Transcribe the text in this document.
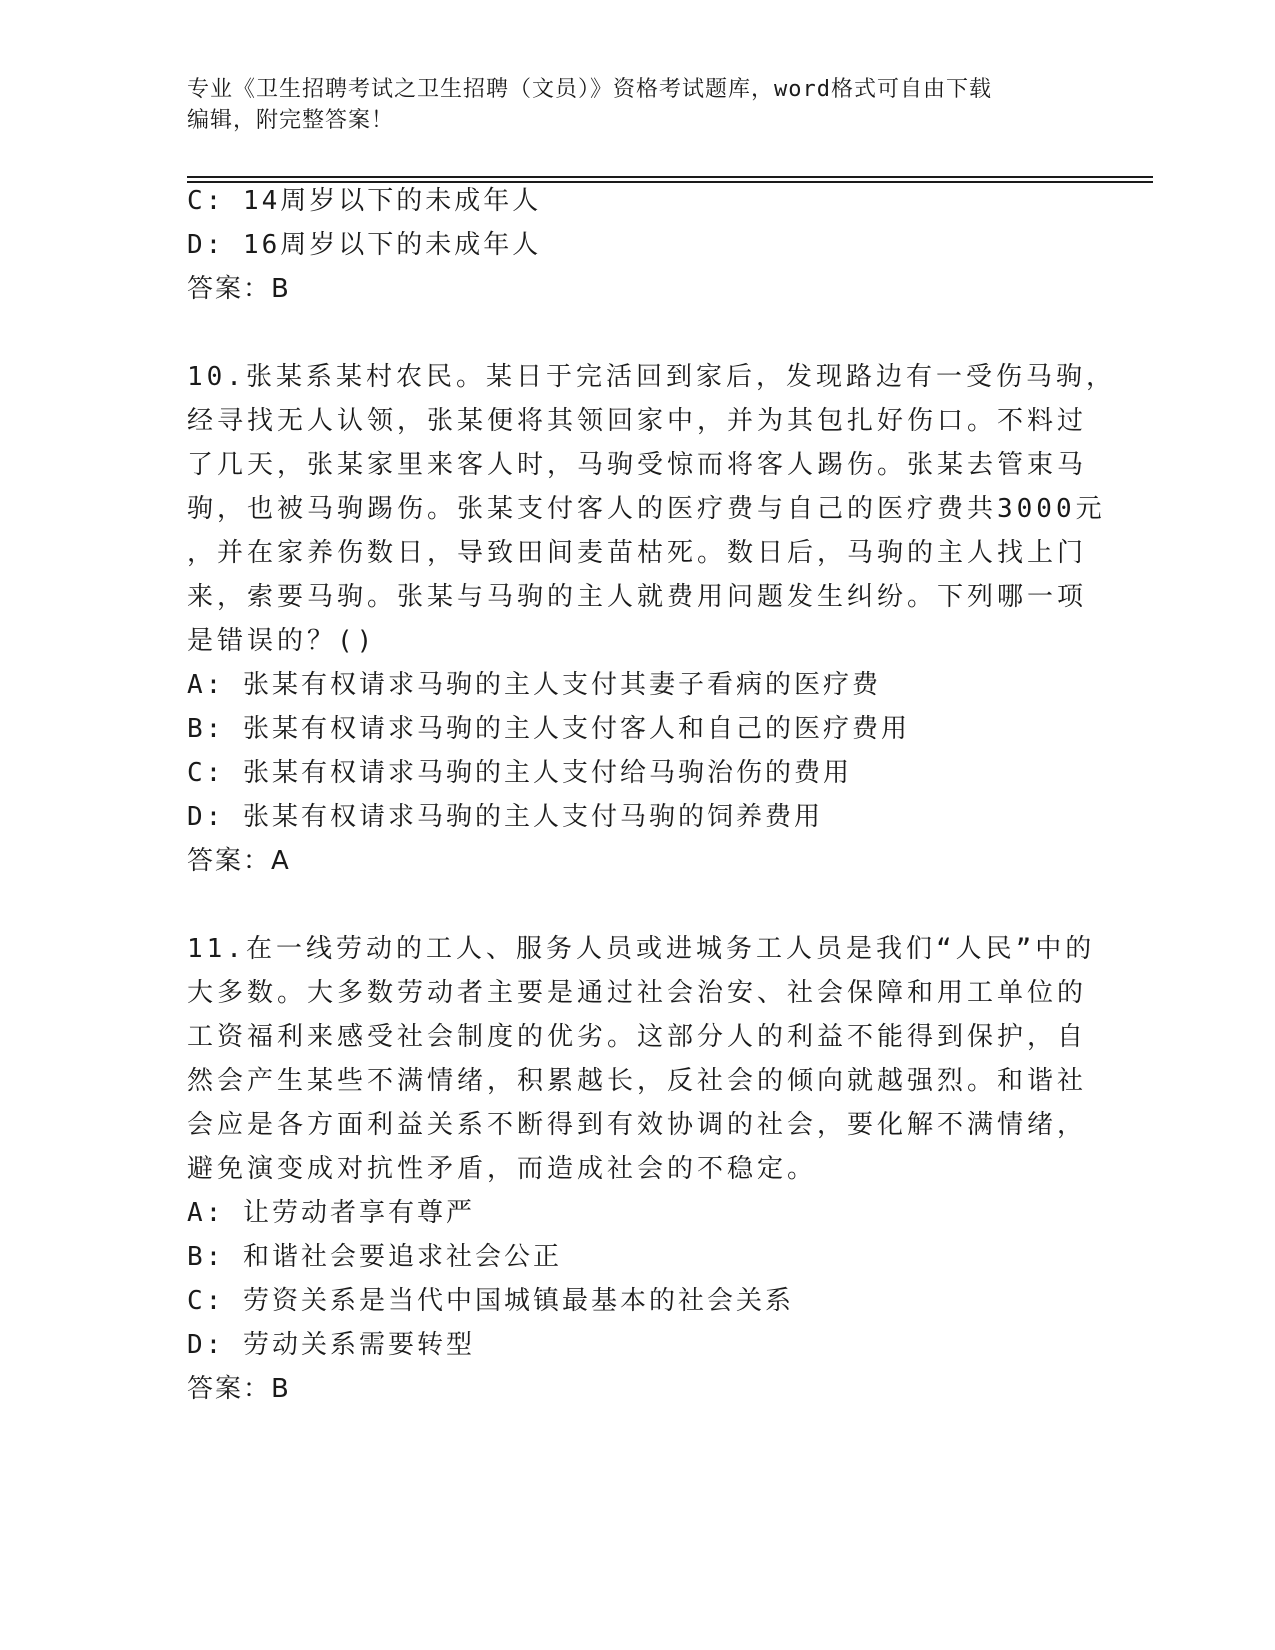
专业《卫生招聘考试之卫生招聘（文员）》资格考试题库，word格式可自由下载
编辑，附完整答案！
C: 14周岁以下的未成年人
D: 16周岁以下的未成年人
答案：B
10.张某系某村农民。某日于完活回到家后，发现路边有一受伤马驹，
经寻找无人认领，张某便将其领回家中，并为其包扎好伤口。不料过
了几天，张某家里来客人时，马驹受惊而将客人踢伤。张某去管束马
驹，也被马驹踢伤。张某支付客人的医疗费与自己的医疗费共3000元
，并在家养伤数日，导致田间麦苗枯死。数日后，马驹的主人找上门
来，索要马驹。张某与马驹的主人就费用问题发生纠纷。下列哪一项
是错误的？()
A: 张某有权请求马驹的主人支付其妻子看病的医疗费
B: 张某有权请求马驹的主人支付客人和自己的医疗费用
C: 张某有权请求马驹的主人支付给马驹治伤的费用
D: 张某有权请求马驹的主人支付马驹的饲养费用
答案：A
11.在一线劳动的工人、服务人员或进城务工人员是我们“人民”中的
大多数。大多数劳动者主要是通过社会治安、社会保障和用工单位的
工资福利来感受社会制度的优劣。这部分人的利益不能得到保护，自
然会产生某些不满情绪，积累越长，反社会的倾向就越强烈。和谐社
会应是各方面利益关系不断得到有效协调的社会，要化解不满情绪，
避免演变成对抗性矛盾，而造成社会的不稳定。
A: 让劳动者享有尊严
B: 和谐社会要追求社会公正
C: 劳资关系是当代中国城镇最基本的社会关系
D: 劳动关系需要转型
答案：B
